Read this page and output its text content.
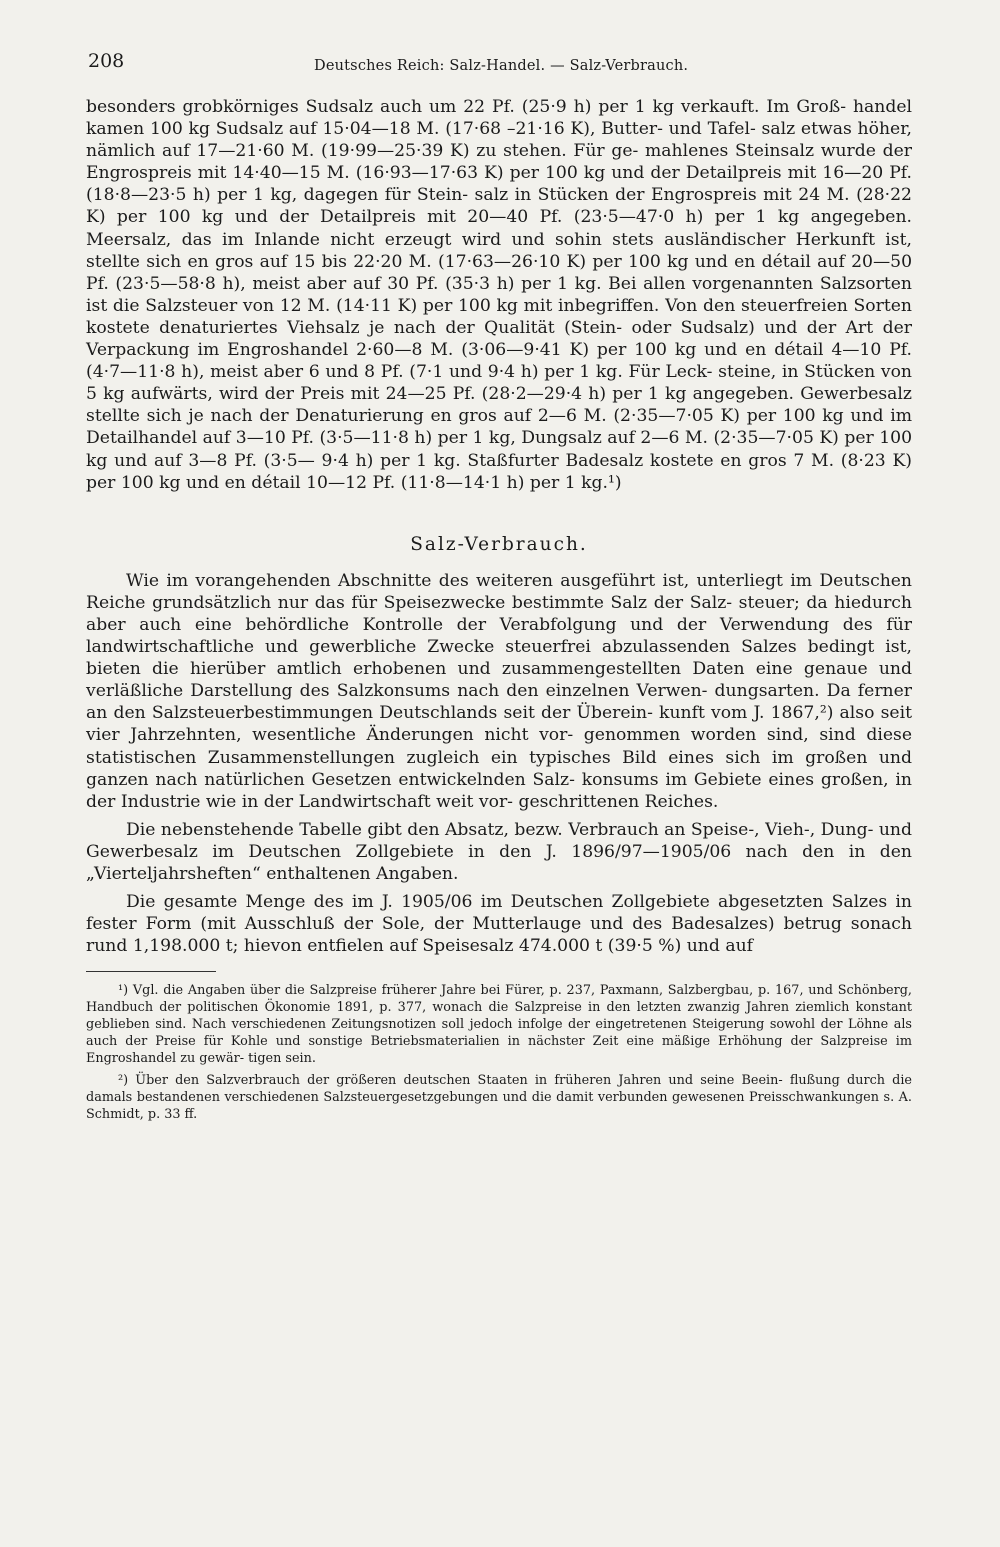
208	Deutsches Reich: Salz-Handel. — Salz-Verbrauch.

besonders grobkörniges Sudsalz auch um 22 Pf. (25·9 h) per 1 kg verkauft. Im Groß- handel kamen 100 kg Sudsalz auf 15·04—18 M. (17·68 –21·16 K), Butter- und Tafel- salz etwas höher, nämlich auf 17—21·60 M. (19·99—25·39 K) zu stehen. Für ge- mahlenes Steinsalz wurde der Engrospreis mit 14·40—15 M. (16·93—17·63 K) per 100 kg und der Detailpreis mit 16—20 Pf. (18·8—23·5 h) per 1 kg, dagegen für Stein- salz in Stücken der Engrospreis mit 24 M. (28·22 K) per 100 kg und der Detailpreis mit 20—40 Pf. (23·5—47·0 h) per 1 kg angegeben. Meersalz, das im Inlande nicht erzeugt wird und sohin stets ausländischer Herkunft ist, stellte sich en gros auf 15 bis 22·20 M. (17·63—26·10 K) per 100 kg und en détail auf 20—50 Pf. (23·5—58·8 h), meist aber auf 30 Pf. (35·3 h) per 1 kg. Bei allen vorgenannten Salzsorten ist die Salzsteuer von 12 M. (14·11 K) per 100 kg mit inbegriffen. Von den steuerfreien Sorten kostete denaturiertes Viehsalz je nach der Qualität (Stein- oder Sudsalz) und der Art der Verpackung im Engroshandel 2·60—8 M. (3·06—9·41 K) per 100 kg und en détail 4—10 Pf. (4·7—11·8 h), meist aber 6 und 8 Pf. (7·1 und 9·4 h) per 1 kg. Für Leck- steine, in Stücken von 5 kg aufwärts, wird der Preis mit 24—25 Pf. (28·2—29·4 h) per 1 kg angegeben. Gewerbesalz stellte sich je nach der Denaturierung en gros auf 2—6 M. (2·35—7·05 K) per 100 kg und im Detailhandel auf 3—10 Pf. (3·5—11·8 h) per 1 kg, Dungsalz auf 2—6 M. (2·35—7·05 K) per 100 kg und auf 3—8 Pf. (3·5— 9·4 h) per 1 kg. Staßfurter Badesalz kostete en gros 7 M. (8·23 K) per 100 kg und en détail 10—12 Pf. (11·8—14·1 h) per 1 kg.¹)

Salz-Verbrauch.

Wie im vorangehenden Abschnitte des weiteren ausgeführt ist, unterliegt im Deutschen Reiche grundsätzlich nur das für Speisezwecke bestimmte Salz der Salz- steuer; da hiedurch aber auch eine behördliche Kontrolle der Verabfolgung und der Verwendung des für landwirtschaftliche und gewerbliche Zwecke steuerfrei abzulassenden Salzes bedingt ist, bieten die hierüber amtlich erhobenen und zusammengestellten Daten eine genaue und verläßliche Darstellung des Salzkonsums nach den einzelnen Verwen- dungsarten. Da ferner an den Salzsteuerbestimmungen Deutschlands seit der Überein- kunft vom J. 1867,²) also seit vier Jahrzehnten, wesentliche Änderungen nicht vor- genommen worden sind, sind diese statistischen Zusammenstellungen zugleich ein typisches Bild eines sich im großen und ganzen nach natürlichen Gesetzen entwickelnden Salz- konsums im Gebiete eines großen, in der Industrie wie in der Landwirtschaft weit vor- geschrittenen Reiches.

Die nebenstehende Tabelle gibt den Absatz, bezw. Verbrauch an Speise-, Vieh-, Dung- und Gewerbesalz im Deutschen Zollgebiete in den J. 1896/97—1905/06 nach den in den „Vierteljahrsheften“ enthaltenen Angaben.

Die gesamte Menge des im J. 1905/06 im Deutschen Zollgebiete abgesetzten Salzes in fester Form (mit Ausschluß der Sole, der Mutterlauge und des Badesalzes) betrug sonach rund 1,198.000 t; hievon entfielen auf Speisesalz 474.000 t (39·5 %) und auf

¹) Vgl. die Angaben über die Salzpreise früherer Jahre bei Fürer, p. 237, Paxmann, Salzbergbau, p. 167, und Schönberg, Handbuch der politischen Ökonomie 1891, p. 377, wonach die Salzpreise in den letzten zwanzig Jahren ziemlich konstant geblieben sind. Nach verschiedenen Zeitungsnotizen soll jedoch infolge der eingetretenen Steigerung sowohl der Löhne als auch der Preise für Kohle und sonstige Betriebsmaterialien in nächster Zeit eine mäßige Erhöhung der Salzpreise im Engroshandel zu gewär- tigen sein.

²) Über den Salzverbrauch der größeren deutschen Staaten in früheren Jahren und seine Beein- flußung durch die damals bestandenen verschiedenen Salzsteuergesetzgebungen und die damit verbunden gewesenen Preisschwankungen s. A. Schmidt, p. 33 ff.
